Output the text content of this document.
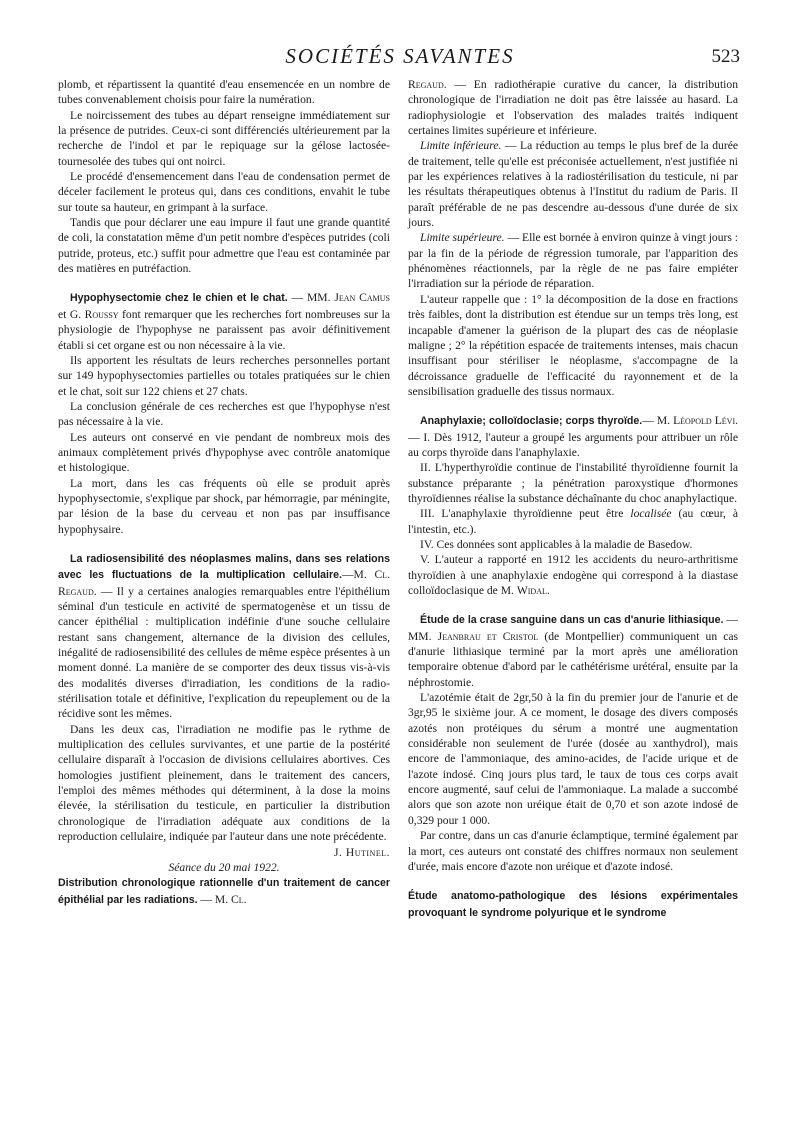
SOCIÉTÉS SAVANTES	523

plomb, et répartissent la quantité d'eau ensemencée en un nombre de tubes convenablement choisis pour faire la numération.

Le noircissement des tubes au départ renseigne immédiatement sur la présence de putrides. Ceux-ci sont différenciés ultérieurement par la recherche de l'indol et par le repiquage sur la gélose lactosée-tournesolée des tubes qui ont noirci.

Le procédé d'ensemencement dans l'eau de condensation permet de déceler facilement le proteus qui, dans ces conditions, envahit le tube sur toute sa hauteur, en grimpant à la surface.

Tandis que pour déclarer une eau impure il faut une grande quantité de coli, la constatation même d'un petit nombre d'espèces putrides (coli putride, proteus, etc.) suffit pour admettre que l'eau est contaminée par des matières en putréfaction.

Hypophysectomie chez le chien et le chat. — MM. Jean Camus et G. Roussy font remarquer que les recherches fort nombreuses sur la physiologie de l'hypophyse ne paraissent pas avoir définitivement établi si cet organe est ou non nécessaire à la vie.

Ils apportent les résultats de leurs recherches personnelles portant sur 149 hypophysectomies partielles ou totales pratiquées sur le chien et le chat, soit sur 122 chiens et 27 chats.

La conclusion générale de ces recherches est que l'hypophyse n'est pas nécessaire à la vie.

Les auteurs ont conservé en vie pendant de nombreux mois des animaux complètement privés d'hypophyse avec contrôle anatomique et histologique.

La mort, dans les cas fréquents où elle se produit après hypophysectomie, s'explique par shock, par hémorragie, par méningite, par lésion de la base du cerveau et non pas par insuffisance hypophysaire.

La radiosensibilité des néoplasmes malins, dans ses relations avec les fluctuations de la multiplication cellulaire.—M. Cl. Regaud. — Il y a certaines analogies remarquables entre l'épithélium séminal d'un testicule en activité de spermatogenèse et un tissu de cancer épithélial : multiplication indéfinie d'une souche cellulaire restant sans changement, alternance de la division des cellules, inégalité de radiosensibilité des cellules de même espèce présentes à un moment donné. La manière de se comporter des deux tissus vis-à-vis des modalités diverses d'irradiation, les conditions de la radio-stérilisation totale et définitive, l'explication du repeuplement ou de la récidive sont les mêmes.

Dans les deux cas, l'irradiation ne modifie pas le rythme de multiplication des cellules survivantes, et une partie de la postérité cellulaire disparaît à l'occasion de divisions cellulaires abortives. Ces homologies justifient pleinement, dans le traitement des cancers, l'emploi des mêmes méthodes qui déterminent, à la dose la moins élevée, la stérilisation du testicule, en particulier la distribution chronologique de l'irradiation adéquate aux conditions de la reproduction cellulaire, indiquée par l'auteur dans une note précédente.

J. Hutinel.

Séance du 20 mai 1922.

Distribution chronologique rationnelle d'un traitement de cancer épithélial par les radiations. — M. Cl.

Regaud. — En radiothérapie curative du cancer, la distribution chronologique de l'irradiation ne doit pas être laissée au hasard. La radiophysiologie et l'observation des malades traités indiquent certaines limites supérieure et inférieure.

Limite inférieure. — La réduction au temps le plus bref de la durée de traitement, telle qu'elle est préconisée actuellement, n'est justifiée ni par les expériences relatives à la radiostérilisation du testicule, ni par les résultats thérapeutiques obtenus à l'Institut du radium de Paris. Il paraît préférable de ne pas descendre au-dessous d'une durée de six jours.

Limite supérieure. — Elle est bornée à environ quinze à vingt jours : par la fin de la période de régression tumorale, par l'apparition des phénomènes réactionnels, par la règle de ne pas faire empiéter l'irradiation sur la période de réparation.

L'auteur rappelle que : 1° la décomposition de la dose en fractions très faibles, dont la distribution est étendue sur un temps très long, est incapable d'amener la guérison de la plupart des cas de néoplasie maligne ; 2° la répétition espacée de traitements intenses, mais chacun insuffisant pour stériliser le néoplasme, s'accompagne de la décroissance graduelle de l'efficacité du rayonnement et de la sensibilisation graduelle des tissus normaux.

Anaphylaxie; colloïdoclasie; corps thyroïde.— M. Léopold Lévi. — I. Dès 1912, l'auteur a groupé les arguments pour attribuer un rôle au corps thyroïde dans l'anaphylaxie.

II. L'hyperthyroïdie continue de l'instabilité thyroïdienne fournit la substance préparante ; la pénétration paroxystique d'hormones thyroïdiennes réalise la substance déchaînante du choc anaphylactique.

III. L'anaphylaxie thyroïdienne peut être localisée (au cœur, à l'intestin, etc.).

IV. Ces données sont applicables à la maladie de Basedow.

V. L'auteur a rapporté en 1912 les accidents du neuro-arthritisme thyroïdien à une anaphylaxie endogène qui correspond à la diastase colloïdoclasique de M. Widal.

Étude de la crase sanguine dans un cas d'anurie lithiasique. —MM. Jeanbrau et Cristol (de Montpellier) communiquent un cas d'anurie lithiasique terminé par la mort après une amélioration temporaire obtenue d'abord par le cathétérisme urétéral, ensuite par la néphrostomie.

L'azotémie était de 2gr,50 à la fin du premier jour de l'anurie et de 3gr,95 le sixième jour. A ce moment, le dosage des divers composés azotés non protéiques du sérum a montré une augmentation considérable non seulement de l'urée (dosée au xanthydrol), mais encore de l'ammoniaque, des amino-acides, de l'acide urique et de l'azote indosé. Cinq jours plus tard, le taux de tous ces corps avait encore augmenté, sauf celui de l'ammoniaque. La malade a succombé alors que son azote non uréique était de 0,70 et son azote indosé de 0,329 pour 1 000.

Par contre, dans un cas d'anurie éclamptique, terminé également par la mort, ces auteurs ont constaté des chiffres normaux non seulement d'urée, mais encore d'azote non uréique et d'azote indosé.

Étude anatomo-pathologique des lésions expérimentales provoquant le syndrome polyurique et le syndrome
